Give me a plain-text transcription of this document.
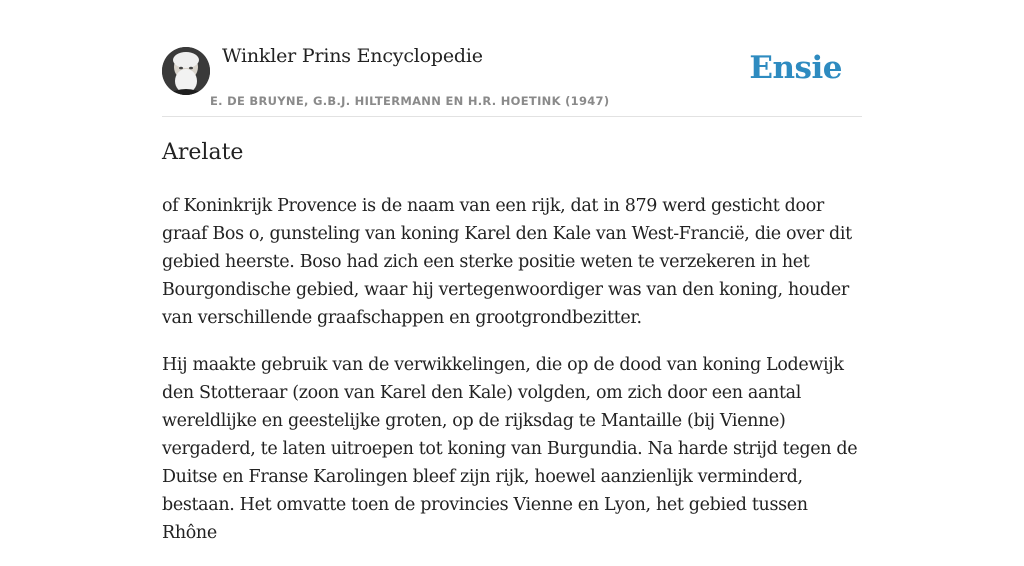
Winkler Prins Encyclopedie
E. DE BRUYNE, G.B.J. HILTERMANN EN H.R. HOETINK (1947)
Ensie
Arelate

of Koninkrijk Provence is de naam van een rijk, dat in 879 werd gesticht door graaf Bos o, gunsteling van koning Karel den Kale van West-Francië, die over dit gebied heerste. Boso had zich een sterke positie weten te verzekeren in het Bourgondische gebied, waar hij vertegenwoordiger was van den koning, houder van verschillende graafschappen en grootgrondbezitter.

Hij maakte gebruik van de verwikkelingen, die op de dood van koning Lodewijk den Stotteraar (zoon van Karel den Kale) volgden, om zich door een aantal wereldlijke en geestelijke groten, op de rijksdag te Mantaille (bij Vienne) vergaderd, te laten uitroepen tot koning van Burgundia. Na harde strijd tegen de Duitse en Franse Karolingen bleef zijn rijk, hoewel aanzienlijk verminderd, bestaan. Het omvatte toen de provincies Vienne en Lyon, het gebied tussen Rhône
